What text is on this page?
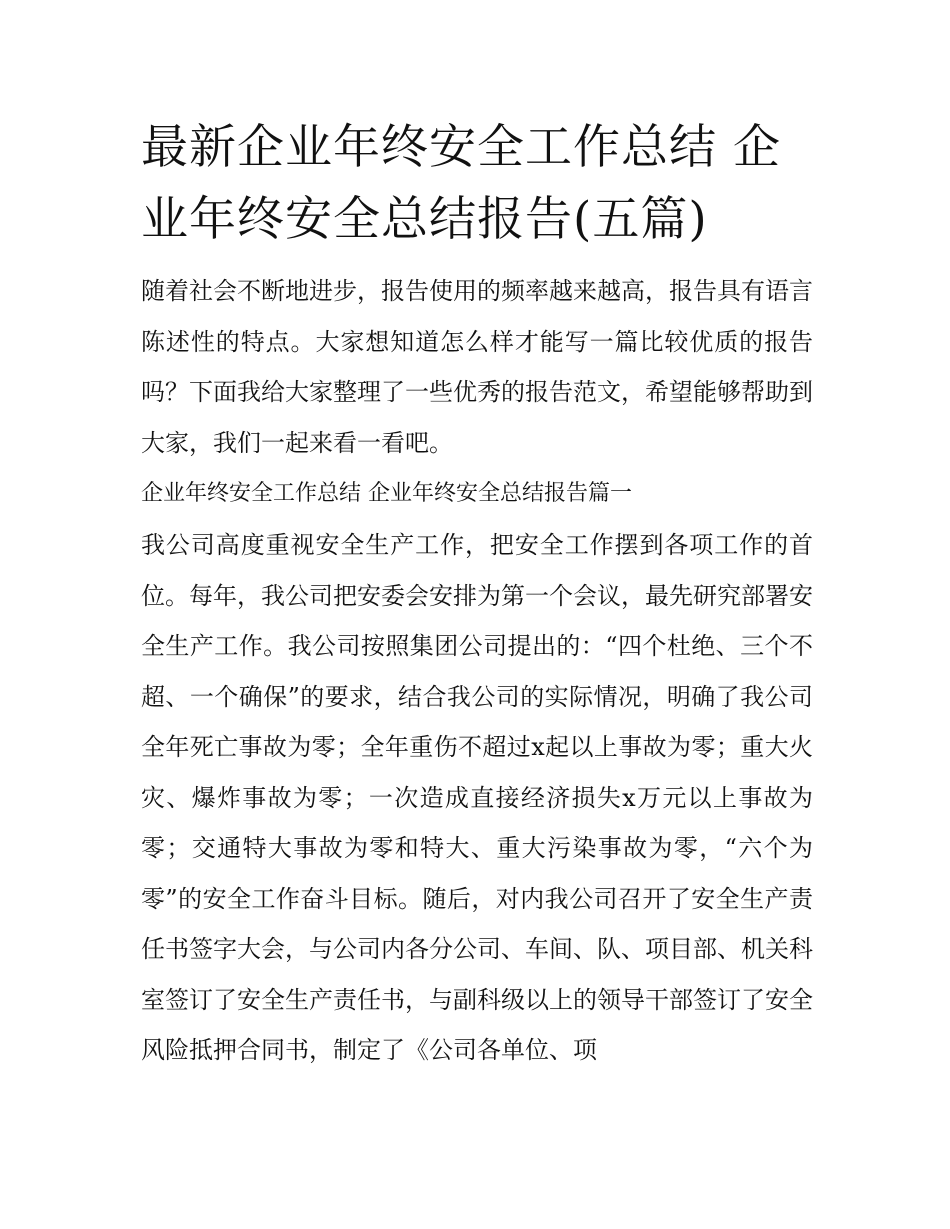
最新企业年终安全工作总结 企业年终安全总结报告(五篇)

随着社会不断地进步，报告使用的频率越来越高，报告具有语言陈述性的特点。大家想知道怎么样才能写一篇比较优质的报告吗？下面我给大家整理了一些优秀的报告范文，希望能够帮助到大家，我们一起来看一看吧。

企业年终安全工作总结 企业年终安全总结报告篇一

我公司高度重视安全生产工作，把安全工作摆到各项工作的首位。每年，我公司把安委会安排为第一个会议，最先研究部署安全生产工作。我公司按照集团公司提出的：“四个杜绝、三个不超、一个确保”的要求，结合我公司的实际情况，明确了我公司全年死亡事故为零；全年重伤不超过x起以上事故为零；重大火灾、爆炸事故为零；一次造成直接经济损失x万元以上事故为零；交通特大事故为零和特大、重大污染事故为零，“六个为零”的安全工作奋斗目标。随后，对内我公司召开了安全生产责任书签字大会，与公司内各分公司、车间、队、项目部、机关科室签订了安全生产责任书，与副科级以上的领导干部签订了安全风险抵押合同书，制定了《公司各单位、项
